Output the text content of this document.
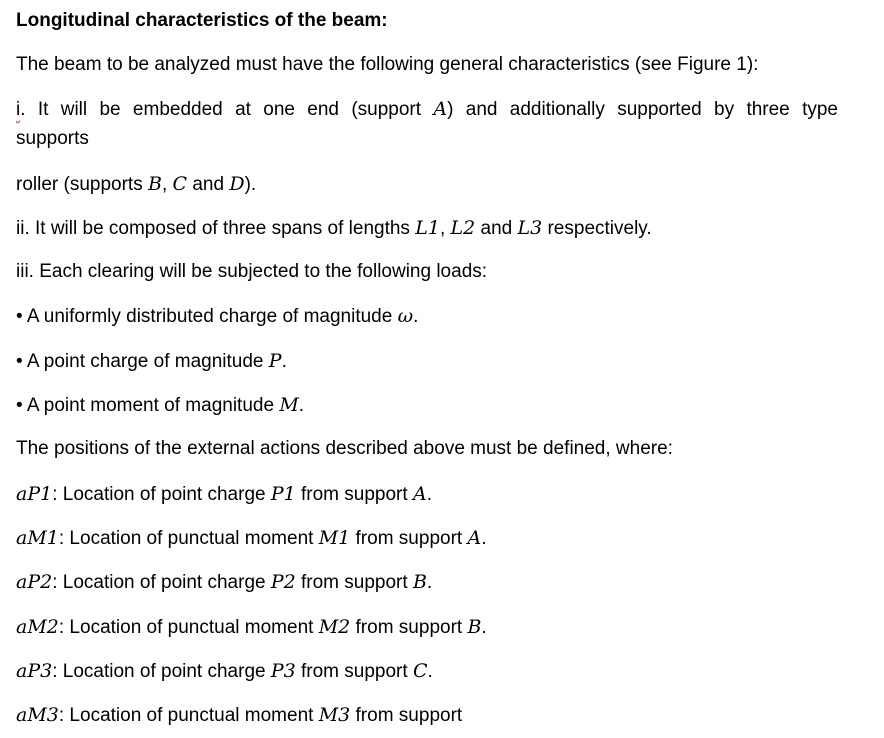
Longitudinal characteristics of the beam:
The beam to be analyzed must have the following general characteristics (see Figure 1):
i. It will be embedded at one end (support A) and additionally supported by three type
supports
roller (supports B, C and D).
ii. It will be composed of three spans of lengths L1, L2 and L3 respectively.
iii. Each clearing will be subjected to the following loads:
• A uniformly distributed charge of magnitude ω.
• A point charge of magnitude P.
• A point moment of magnitude M.
The positions of the external actions described above must be defined, where:
aP1: Location of point charge P1 from support A.
aM1: Location of punctual moment M1 from support A.
aP2: Location of point charge P2 from support B.
aM2: Location of punctual moment M2 from support B.
aP3: Location of point charge P3 from support C.
aM3: Location of punctual moment M3 from support
